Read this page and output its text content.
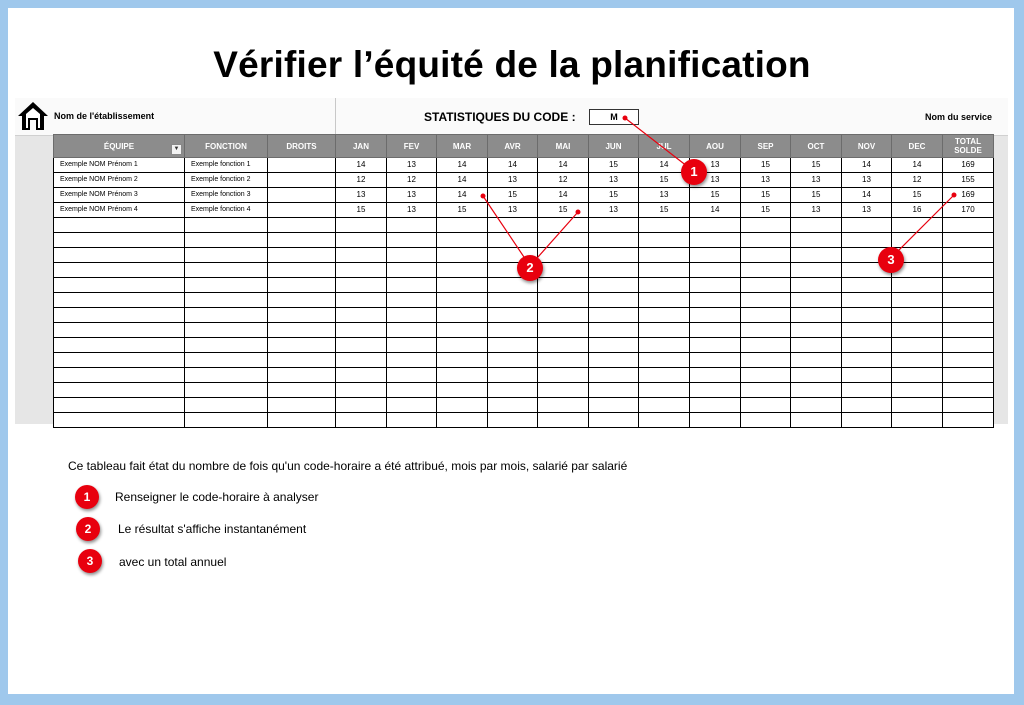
Vérifier l’équité de la planification
Nom de l'établissement	STATISTIQUES DU CODE :	M	Nom du service
ÉQUIPE ▼	FONCTION	DROITS	JAN	FEV	MAR	AVR	MAI	JUN	JUL	AOU	SEP	OCT	NOV	DEC	TOTAL SOLDE
Exemple NOM Prénom 1	Exemple fonction 1		14	13	14	14	14	15	14	13	15	15	14	14	169
Exemple NOM Prénom 2	Exemple fonction 2		12	12	14	13	12	13	15	13	13	13	13	12	155
Exemple NOM Prénom 3	Exemple fonction 3		13	13	14	15	14	15	13	15	15	15	14	15	169
Exemple NOM Prénom 4	Exemple fonction 4		15	13	15	13	15	13	15	14	15	13	13	16	170

1
2
3
Ce tableau fait état du nombre de fois qu'un code-horaire a été attribué, mois par mois, salarié par salarié
1	Renseigner le code-horaire à analyser
2	Le résultat s'affiche instantanément
3	avec un total annuel
